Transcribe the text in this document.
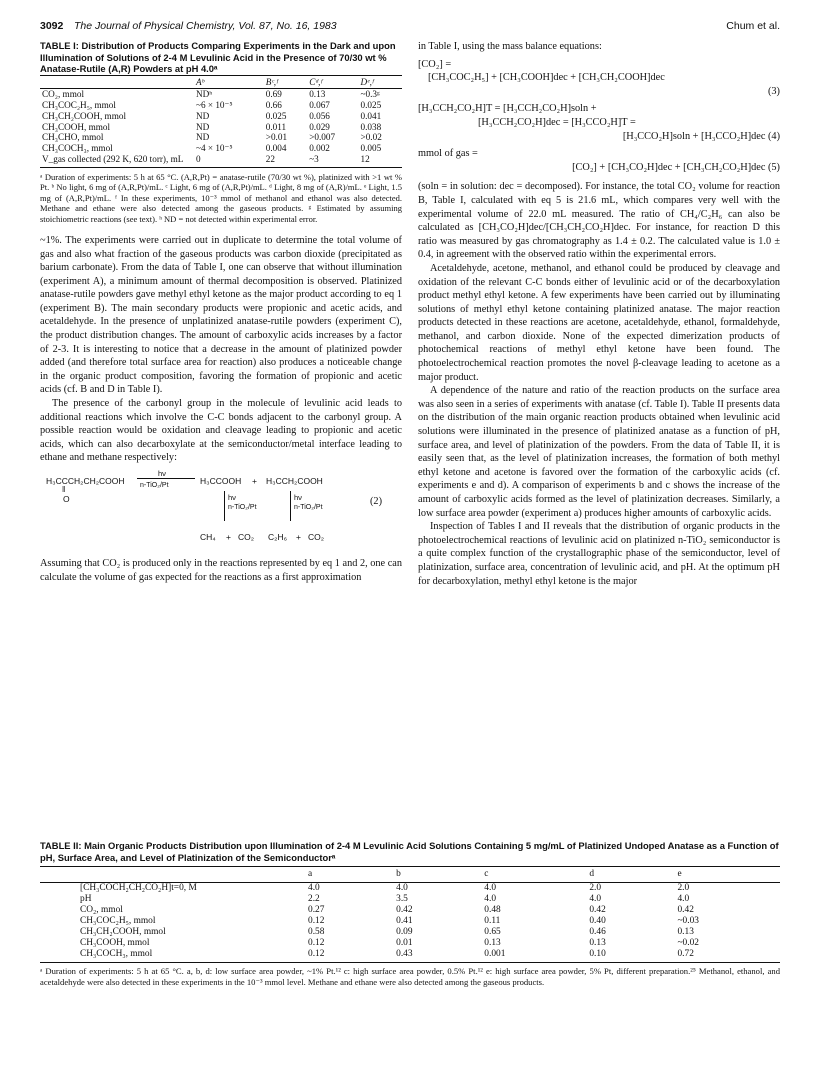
3092 The Journal of Physical Chemistry, Vol. 87, No. 16, 1983	Chum et al.
TABLE I: Distribution of Products Comparing Experiments in the Dark and upon Illumination of Solutions of 2-4 M Levulinic Acid in the Presence of 70/30 wt % Anatase-Rutile (A,R) Powders at pH 4.0ᵃ
	Aᵇ	Bᶜ,ᶠ	Cᵈ,ᶠ	Dᵉ,ᶠ
CO₂, mmol	NDʰ	0.69	0.13	~0.3ᵍ
CH₃COC₂H₅, mmol	~6 × 10⁻⁵	0.66	0.067	0.025
CH₃CH₂COOH, mmol	ND	0.025	0.056	0.041
CH₃COOH, mmol	ND	0.011	0.029	0.038
CH₃CHO, mmol	ND	>0.01	>0.007	>0.02
CH₃COCH₃, mmol	~4 × 10⁻⁵	0.004	0.002	0.005
V_gas collected (292 K, 620 torr), mL	0	22	~3	12

ᵃ Duration of experiments: 5 h at 65 °C. (A,R,Pt) = anatase-rutile (70/30 wt %), platinized with >1 wt % Pt. ᵇ No light, 6 mg of (A,R,Pt)/mL. ᶜ Light, 6 mg of (A,R,Pt)/mL. ᵈ Light, 8 mg of (A,R)/mL. ᵉ Light, 1.5 mg of (A,R,Pt)/mL. ᶠ In these experiments, 10⁻³ mmol of methanol and ethanol was also detected. Methane and ethane were also detected among the gaseous products. ᵍ Estimated by assuming stoichiometric reactions (see text). ʰ ND = not detected within experimental error.

~1%. The experiments were carried out in duplicate to determine the total volume of gas and also what fraction of the gaseous products was carbon dioxide (precipitated as barium carbonate). From the data of Table I, one can observe that without illumination (experiment A), a minimum amount of thermal decomposition is observed. Platinized anatase-rutile powders gave methyl ethyl ketone as the major product according to eq 1 (experiment B). The main secondary products were propionic and acetic acids, and acetaldehyde. In the presence of unplatinized anatase-rutile powders (experiment C), the product distribution changes. The amount of carboxylic acids increases by a factor of 2-3. It is interesting to notice that a decrease in the amount of platinized powder added (and therefore total surface area for reaction) also produces a noticeable change in the organic product composition, favoring the formation of propionic and acetic acids (cf. B and D in Table I).

The presence of the carbonyl group in the molecule of levulinic acid leads to additional reactions which involve the C-C bonds adjacent to the carbonyl group. A possible reaction would be oxidation and cleavage leading to propionic and acetic acids, which can also decarboxylate at the semiconductor/metal interface leading to ethane and methane respectively:

H₃CCCH₂CH₂COOH
‖
O
hν
n-TiO₂/Pt	H₃CCOOH + H₃CCH₂COOH
hν
n-TiO₂/Pt
hν
n-TiO₂/Pt
(2)
CH₄ + CO₂ C₂H₆ + CO₂

Assuming that CO₂ is produced only in the reactions represented by eq 1 and 2, one can calculate the volume of gas expected for the reactions as a first approximation

in Table I, using the mass balance equations:

[CO₂] =
[CH₃COC₂H₅] + [CH₃COOH]dec + [CH₃CH₂COOH]dec
(3)
[H₃CCH₂CO₂H]T = [H₃CCH₂CO₂H]soln +
[H₃CCH₂CO₂H]dec = [H₃CCO₂H]T =
[H₃CCO₂H]soln + [H₃CCO₂H]dec (4)
mmol of gas =
[CO₂] + [CH₃CO₂H]dec + [CH₃CH₂CO₂H]dec (5)

(soln = in solution: dec = decomposed). For instance, the total CO₂ volume for reaction B, Table I, calculated with eq 5 is 21.6 mL, which compares very well with the experimental volume of 22.0 mL measured. The ratio of CH₄/C₂H₆ can also be calculated as [CH₃CO₂H]dec/[CH₃CH₂CO₂H]dec. For instance, for reaction D this ratio was measured by gas chromatography as 1.4 ± 0.2. The calculated value is 1.0 ± 0.4, in agreement with the observed ratio within the experimental errors.

Acetaldehyde, acetone, methanol, and ethanol could be produced by cleavage and oxidation of the relevant C-C bonds either of levulinic acid or of the decarboxylation product methyl ethyl ketone. A few experiments have been carried out by illuminating solutions of methyl ethyl ketone containing platinized anatase. The major reaction products detected in these reactions are acetone, acetaldehyde, ethanol, formaldehyde, methanol, and carbon dioxide. None of the expected dimerization products of photochemical reactions of methyl ethyl ketone have been found. The photoelectrochemical reaction promotes the novel β-cleavage leading to acetone as a major product.

A dependence of the nature and ratio of the reaction products on the surface area was also seen in a series of experiments with anatase (cf. Table I). Table II presents data on the distribution of the main organic reaction products obtained when levulinic acid solutions were illuminated in the presence of platinized anatase as a function of pH, surface area, and level of platinization of the powders. From the data of Table II, it is easily seen that, as the level of platinization increases, the formation of both methyl ethyl ketone and acetone is favored over the formation of the carboxylic acids (cf. experiments e and d). A comparison of experiments b and c shows the increase of the amount of carboxylic acids formed as the level of platinization decreases. Similarly, a low surface area powder (experiment a) produces higher amounts of carboxylic acids.

Inspection of Tables I and II reveals that the distribution of organic products in the photoelectrochemical reactions of levulinic acid on platinized n-TiO₂ semiconductor is a quite complex function of the crystallographic phase of the semiconductor, level of platinization, surface area, concentration of levulinic acid, and pH. At the optimum pH for decarboxylation, methyl ethyl ketone is the major

TABLE II: Main Organic Products Distribution upon Illumination of 2-4 M Levulinic Acid Solutions Containing 5 mg/mL of Platinized Undoped Anatase as a Function of pH, Surface Area, and Level of Platinization of the Semiconductorᵃ
	a	b	c	d	e
[CH₃COCH₂CH₂CO₂H]t=0, M	4.0	4.0	4.0	2.0	2.0
pH	2.2	3.5	4.0	4.0	4.0
CO₂, mmol	0.27	0.42	0.48	0.42	0.42
CH₃COC₂H₅, mmol	0.12	0.41	0.11	0.40	~0.03
CH₃CH₂COOH, mmol	0.58	0.09	0.65	0.46	0.13
CH₃COOH, mmol	0.12	0.01	0.13	0.13	~0.02
CH₃COCH₃, mmol	0.12	0.43	0.001	0.10	0.72

ᵃ Duration of experiments: 5 h at 65 °C. a, b, d: low surface area powder, ~1% Pt.¹² c: high surface area powder, 0.5% Pt.¹² e: high surface area powder, 5% Pt, different preparation.²⁵ Methanol, ethanol, and acetaldehyde were also detected in these experiments in the 10⁻³ mmol level. Methane and ethane were also detected among the gaseous products.
